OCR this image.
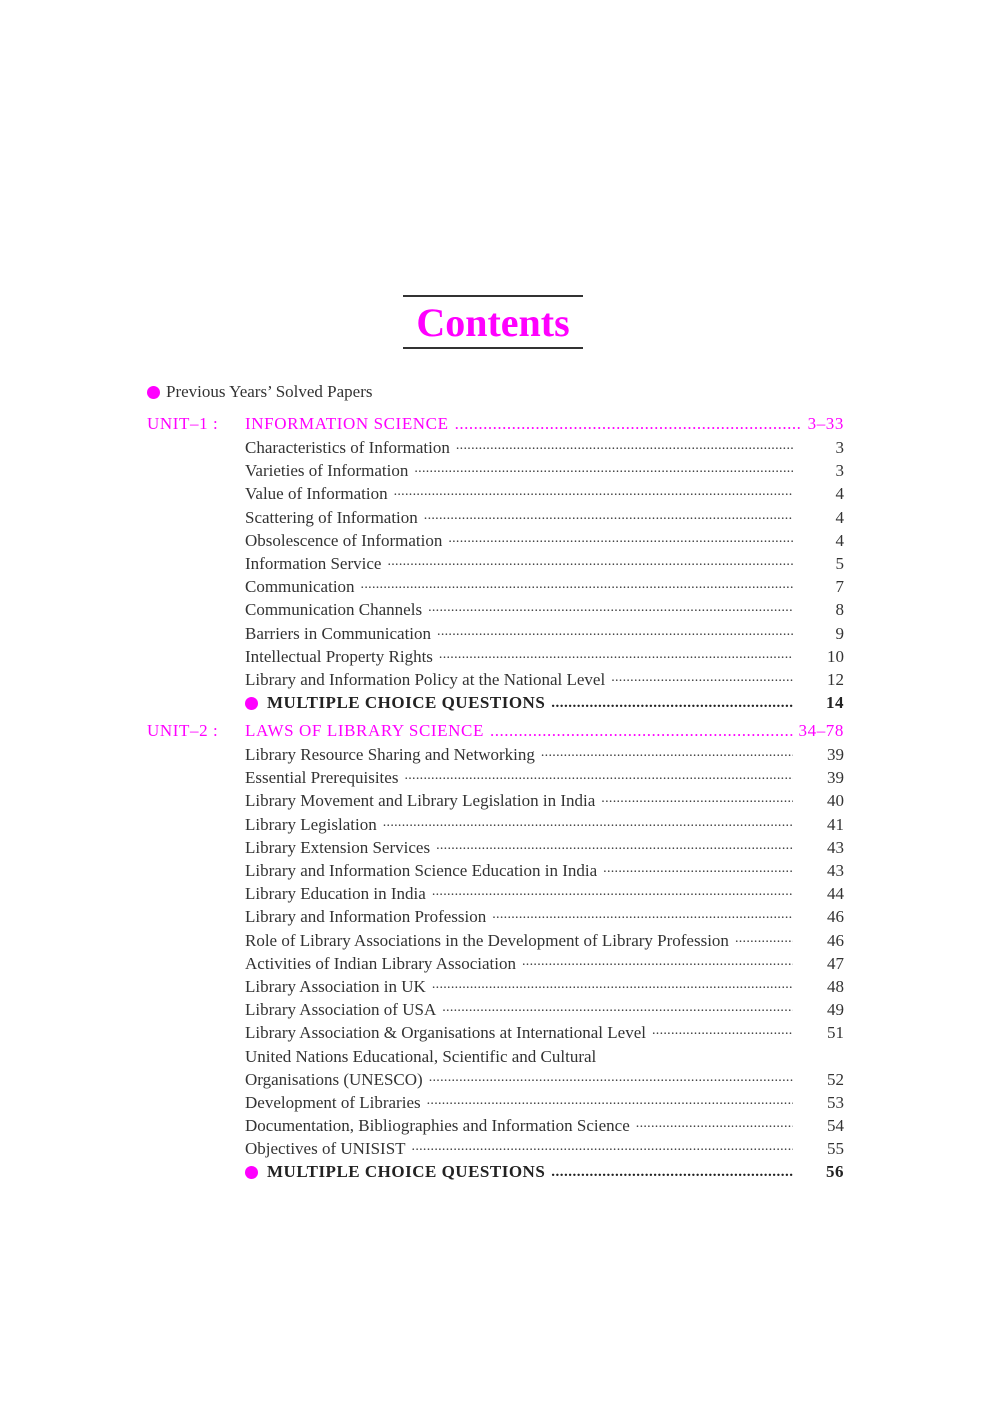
Contents
Previous Years’ Solved Papers
UNIT–1 : INFORMATION SCIENCE .....	3–33
Characteristics of Information .....	3
Varieties of Information .....	3
Value of Information .....	4
Scattering of Information .....	4
Obsolescence of Information .....	4
Information Service .....	5
Communication .....	7
Communication Channels .....	8
Barriers in Communication .....	9
Intellectual Property Rights .....	10
Library and Information Policy at the National Level .....	12
MULTIPLE CHOICE QUESTIONS .....	14
UNIT–2 : LAWS OF LIBRARY SCIENCE .....	34–78
Library Resource Sharing and Networking .....	39
Essential Prerequisites .....	39
Library Movement and Library Legislation in India .....	40
Library Legislation .....	41
Library Extension Services .....	43
Library and Information Science Education in India .....	43
Library Education in India .....	44
Library and Information Profession .....	46
Role of Library Associations in the Development of Library Profession .....	46
Activities of Indian Library Association .....	47
Library Association in UK .....	48
Library Association of USA .....	49
Library Association & Organisations at International Level .....	51
United Nations Educational, Scientific and Cultural
Organisations (UNESCO) .....	52
Development of Libraries .....	53
Documentation, Bibliographies and Information Science .....	54
Objectives of UNISIST .....	55
MULTIPLE CHOICE QUESTIONS .....	56
